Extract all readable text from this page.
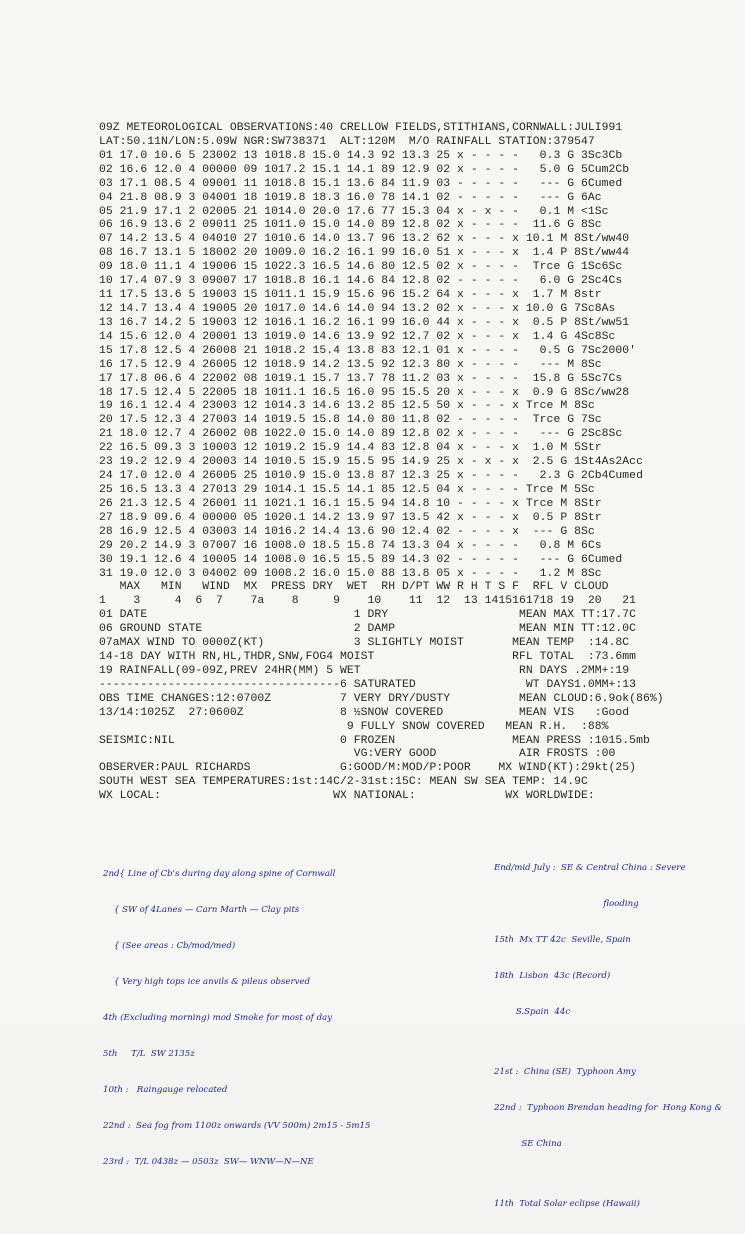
09Z METEOROLOGICAL OBSERVATIONS:40 CRELLOW FIELDS,STITHIANS,CORNWALL:JULI991
LAT:50.11N/LON:5.09W NGR:SW738371  ALT:120M  M/O RAINFALL STATION:379547
01 17.0 10.6 5 23002 13 1018.8 15.0 14.3 92 13.3 25 x - - - -   0.3 G 3Sc3Cb
02 16.6 12.0 4 00000 09 1017.2 15.1 14.1 89 12.9 02 x - - - -   5.0 G 5Cum2Cb
03 17.1 08.5 4 09001 11 1018.8 15.1 13.6 84 11.9 03 - - - - -   --- G 6Cumed
04 21.8 08.9 3 04001 18 1019.8 18.3 16.0 78 14.1 02 - - - - -   --- G 6Ac
05 21.9 17.1 2 02005 21 1014.0 20.0 17.6 77 15.3 04 x - x - -   0.1 M <1Sc
06 16.9 13.6 2 09011 25 1011.0 15.0 14.0 89 12.8 02 x - - - -  11.6 G 8Sc
07 14.2 13.5 4 04010 27 1010.6 14.0 13.7 96 13.2 62 x - - - x 10.1 M 8St/ww40
08 16.7 13.1 5 18002 20 1009.0 16.2 16.1 99 16.0 51 x - - - x  1.4 P 8St/ww44
09 18.0 11.1 4 19006 15 1022.3 16.5 14.6 80 12.5 02 x - - - -  Trce G 1Sc6Sc
10 17.4 07.9 3 09007 17 1018.8 16.1 14.6 84 12.8 02 - - - - -   6.0 G 2Sc4Cs
11 17.5 13.6 5 19003 15 1011.1 15.9 15.6 96 15.2 64 x - - - x  1.7 M 8str
12 14.7 13.4 4 19005 20 1017.0 14.6 14.0 94 13.2 02 x - - - x 10.0 G 7Sc8As
13 16.7 14.2 5 19003 12 1016.1 16.2 16.1 99 16.0 44 x - - - x  0.5 P 8St/ww51
14 15.6 12.0 4 20001 13 1019.0 14.6 13.9 92 12.7 02 x - - - x  1.4 G 4Sc8Sc
15 17.8 12.5 4 26008 21 1018.2 15.4 13.8 83 12.1 01 x - - - -   0.5 G 7Sc2000'
16 17.5 12.9 4 26005 12 1018.9 14.2 13.5 92 12.3 80 x - - - -   --- M 8Sc
17 17.8 06.6 4 22002 08 1019.1 15.7 13.7 78 11.2 03 x - - - -  15.8 G 5Sc7Cs
18 17.5 12.4 5 22005 18 1011.1 16.5 16.0 95 15.5 20 x - - - x  0.9 G 8Sc/ww28
19 16.1 12.4 4 23003 12 1014.3 14.6 13.2 85 12.5 50 x - - - x Trce M 8Sc
20 17.5 12.3 4 27003 14 1019.5 15.8 14.0 80 11.8 02 - - - - -  Trce G 7Sc
21 18.0 12.7 4 26002 08 1022.0 15.0 14.0 89 12.8 02 x - - - -   --- G 2Sc8Sc
22 16.5 09.3 3 10003 12 1019.2 15.9 14.4 83 12.8 04 x - - - x  1.0 M 5Str
23 19.2 12.9 4 20003 14 1010.5 15.9 15.5 95 14.9 25 x - x - x  2.5 G 1St4As2Acc
24 17.0 12.0 4 26005 25 1010.9 15.0 13.8 87 12.3 25 x - - - -   2.3 G 2Cb4Cumed
25 16.5 13.3 4 27013 29 1014.1 15.5 14.1 85 12.5 04 x - - - - Trce M 5Sc
26 21.3 12.5 4 26001 11 1021.1 16.1 15.5 94 14.8 10 - - - - x Trce M 8Str
27 18.9 09.6 4 00000 05 1020.1 14.2 13.9 97 13.5 42 x - - - x  0.5 P 8Str
28 16.9 12.5 4 03003 14 1016.2 14.4 13.6 90 12.4 02 - - - - x  --- G 8Sc
29 20.2 14.9 3 07007 16 1008.0 18.5 15.8 74 13.3 04 x - - - -   0.8 M 6Cs
30 19.1 12.6 4 10005 14 1008.0 16.5 15.5 89 14.3 02 - - - - -   --- G 6Cumed
31 19.0 12.0 3 04002 09 1008.2 16.0 15.0 88 13.8 05 x - - - -   1.2 M 8Sc
MAX   MIN   WIND  MX  PRESS DRY  WET  RH D/PT WW R H T S F  RFL V CLOUD
1    3     4  6  7    7a    8     9    10    11  12  13 1415161718 19  20   21
01 DATE                              1 DRY                   MEAN MAX TT:17.7C
06 GROUND STATE                      2 DAMP                  MEAN MIN TT:12.0C
07aMAX WIND TO 0000Z(KT)             3 SLIGHTLY MOIST       MEAN TEMP  :14.8C
14-18 DAY WITH RN,HL,THDR,SNW,FOG4 MOIST                    RFL TOTAL  :73.6mm
19 RAINFALL(09-09Z,PREV 24HR(MM) 5 WET                       RN DAYS .2MM+:19
-----------------------------------6 SATURATED                WT DAYS1.0MM+:13
OBS TIME CHANGES:12:0700Z          7 VERY DRY/DUSTY          MEAN CLOUD:6.9ok(86%)
13/14:1025Z  27:0600Z              8 ½SNOW COVERED           MEAN VIS   :Good
9 FULLY SNOW COVERED   MEAN R.H.  :88%
SEISMIC:NIL                        0 FROZEN                 MEAN PRESS :1015.5mb
VG:VERY GOOD            AIR FROSTS :00
OBSERVER:PAUL RICHARDS             G:GOOD/M:MOD/P:POOR    MX WIND(KT):29kt(25)
SOUTH WEST SEA TEMPERATURES:1st:14C/2-31st:15C: MEAN SW SEA TEMP: 14.9C
WX LOCAL:                         WX NATIONAL:             WX WORLDWIDE:

2nd{ Line of Cb's during day along spine of Cornwall

{ SW of 4Lanes — Carn Marth — Clay pits

{ (See areas : Cb/mod/med)

{ Very high tops ice anvils & pileus observed

4th (Excluding morning) mod Smoke for most of day

5th     T/L  SW 2135z

10th :   Raingauge relocated

22nd :  Sea fog from 1100z onwards (VV 500m) 2m15 - 5m15

23rd :  T/L 0438z — 0503z  SW— WNW—N—NE

End/mid July :  SE & Central China : Severe

flooding

15th  Mx TT 42c  Seville, Spain

18th  Lisbon  43c (Record)

S.Spain  44c

21st :  China (SE)  Typhoon Amy

22nd :  Typhoon Brendan heading for  Hong Kong &

SE China

11th  Total Solar eclipse (Hawaii)
